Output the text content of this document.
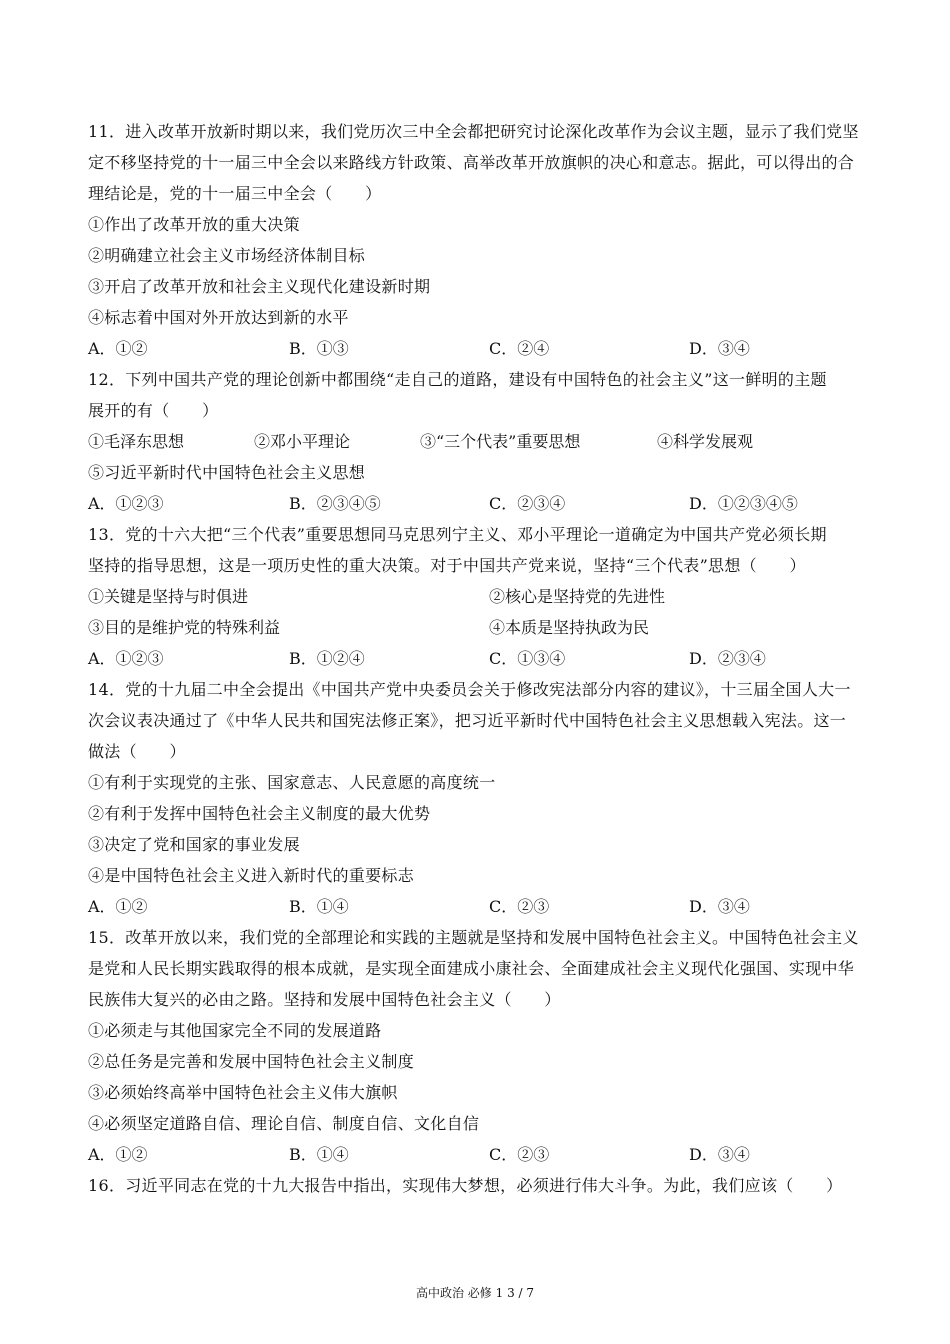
11．进入改革开放新时期以来，我们党历次三中全会都把研究讨论深化改革作为会议主题，显示了我们党坚
定不移坚持党的十一届三中全会以来路线方针政策、高举改革开放旗帜的决心和意志。据此，可以得出的合
理结论是，党的十一届三中全会（　　）
①作出了改革开放的重大决策
②明确建立社会主义市场经济体制目标
③开启了改革开放和社会主义现代化建设新时期
④标志着中国对外开放达到新的水平
A．①②	B．①③	C．②④	D．③④
12．下列中国共产党的理论创新中都围绕“走自己的道路，建设有中国特色的社会主义”这一鲜明的主题
展开的有（　　）
①毛泽东思想	②邓小平理论	③“三个代表”重要思想	④科学发展观
⑤习近平新时代中国特色社会主义思想
A．①②③	B．②③④⑤	C．②③④	D．①②③④⑤
13．党的十六大把“三个代表”重要思想同马克思列宁主义、邓小平理论一道确定为中国共产党必须长期
坚持的指导思想，这是一项历史性的重大决策。对于中国共产党来说，坚持“三个代表”思想（　　）
①关键是坚持与时俱进	②核心是坚持党的先进性
③目的是维护党的特殊利益	④本质是坚持执政为民
A．①②③	B．①②④	C．①③④	D．②③④
14．党的十九届二中全会提出《中国共产党中央委员会关于修改宪法部分内容的建议》，十三届全国人大一
次会议表决通过了《中华人民共和国宪法修正案》，把习近平新时代中国特色社会主义思想载入宪法。这一
做法（　　）
①有利于实现党的主张、国家意志、人民意愿的高度统一
②有利于发挥中国特色社会主义制度的最大优势
③决定了党和国家的事业发展
④是中国特色社会主义进入新时代的重要标志
A．①②	B．①④	C．②③	D．③④
15．改革开放以来，我们党的全部理论和实践的主题就是坚持和发展中国特色社会主义。中国特色社会主义
是党和人民长期实践取得的根本成就，是实现全面建成小康社会、全面建成社会主义现代化强国、实现中华
民族伟大复兴的必由之路。坚持和发展中国特色社会主义（　　）
①必须走与其他国家完全不同的发展道路
②总任务是完善和发展中国特色社会主义制度
③必须始终高举中国特色社会主义伟大旗帜
④必须坚定道路自信、理论自信、制度自信、文化自信
A．①②	B．①④	C．②③	D．③④
16．习近平同志在党的十九大报告中指出，实现伟大梦想，必须进行伟大斗争。为此，我们应该（　　）
高中政治 必修 1 3 / 7
